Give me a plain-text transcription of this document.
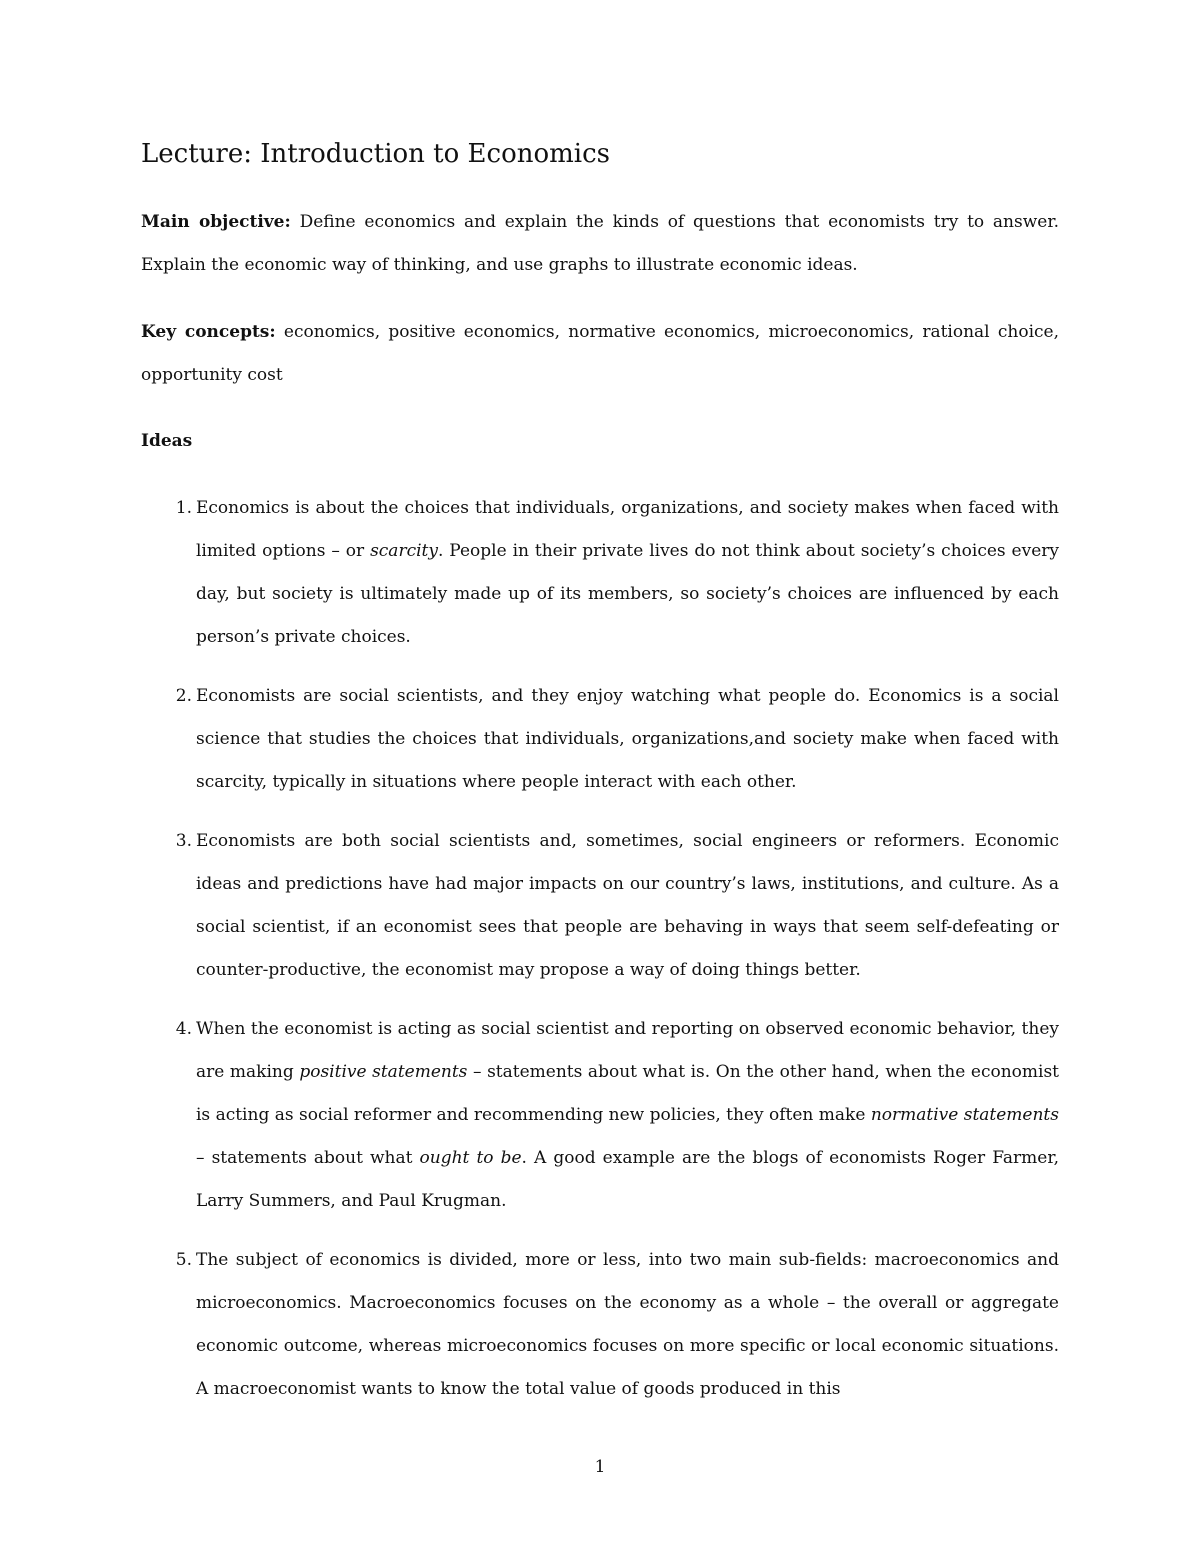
Lecture: Introduction to Economics

Main objective: Define economics and explain the kinds of questions that economists try to answer. Explain the economic way of thinking, and use graphs to illustrate economic ideas.

Key concepts: economics, positive economics, normative economics, microeconomics, rational choice, opportunity cost

Ideas
1. Economics is about the choices that individuals, organizations, and society makes when faced with limited options – or scarcity. People in their private lives do not think about society’s choices every day, but society is ultimately made up of its members, so society’s choices are influenced by each person’s private choices.
2. Economists are social scientists, and they enjoy watching what people do. Economics is a social science that studies the choices that individuals, organizations,and society make when faced with scarcity, typically in situations where people interact with each other.
3. Economists are both social scientists and, sometimes, social engineers or reformers. Economic ideas and predictions have had major impacts on our country’s laws, institutions, and culture. As a social scientist, if an economist sees that people are behaving in ways that seem self-defeating or counter-productive, the economist may propose a way of doing things better.
4. When the economist is acting as social scientist and reporting on observed economic behavior, they are making positive statements – statements about what is. On the other hand, when the economist is acting as social reformer and recommending new policies, they often make normative statements – statements about what ought to be. A good example are the blogs of economists Roger Farmer, Larry Summers, and Paul Krugman.
5. The subject of economics is divided, more or less, into two main sub-fields: macroeconomics and microeconomics. Macroeconomics focuses on the economy as a whole – the overall or aggregate economic outcome, whereas microeconomics focuses on more specific or local economic situations. A macroeconomist wants to know the total value of goods produced in this
1
